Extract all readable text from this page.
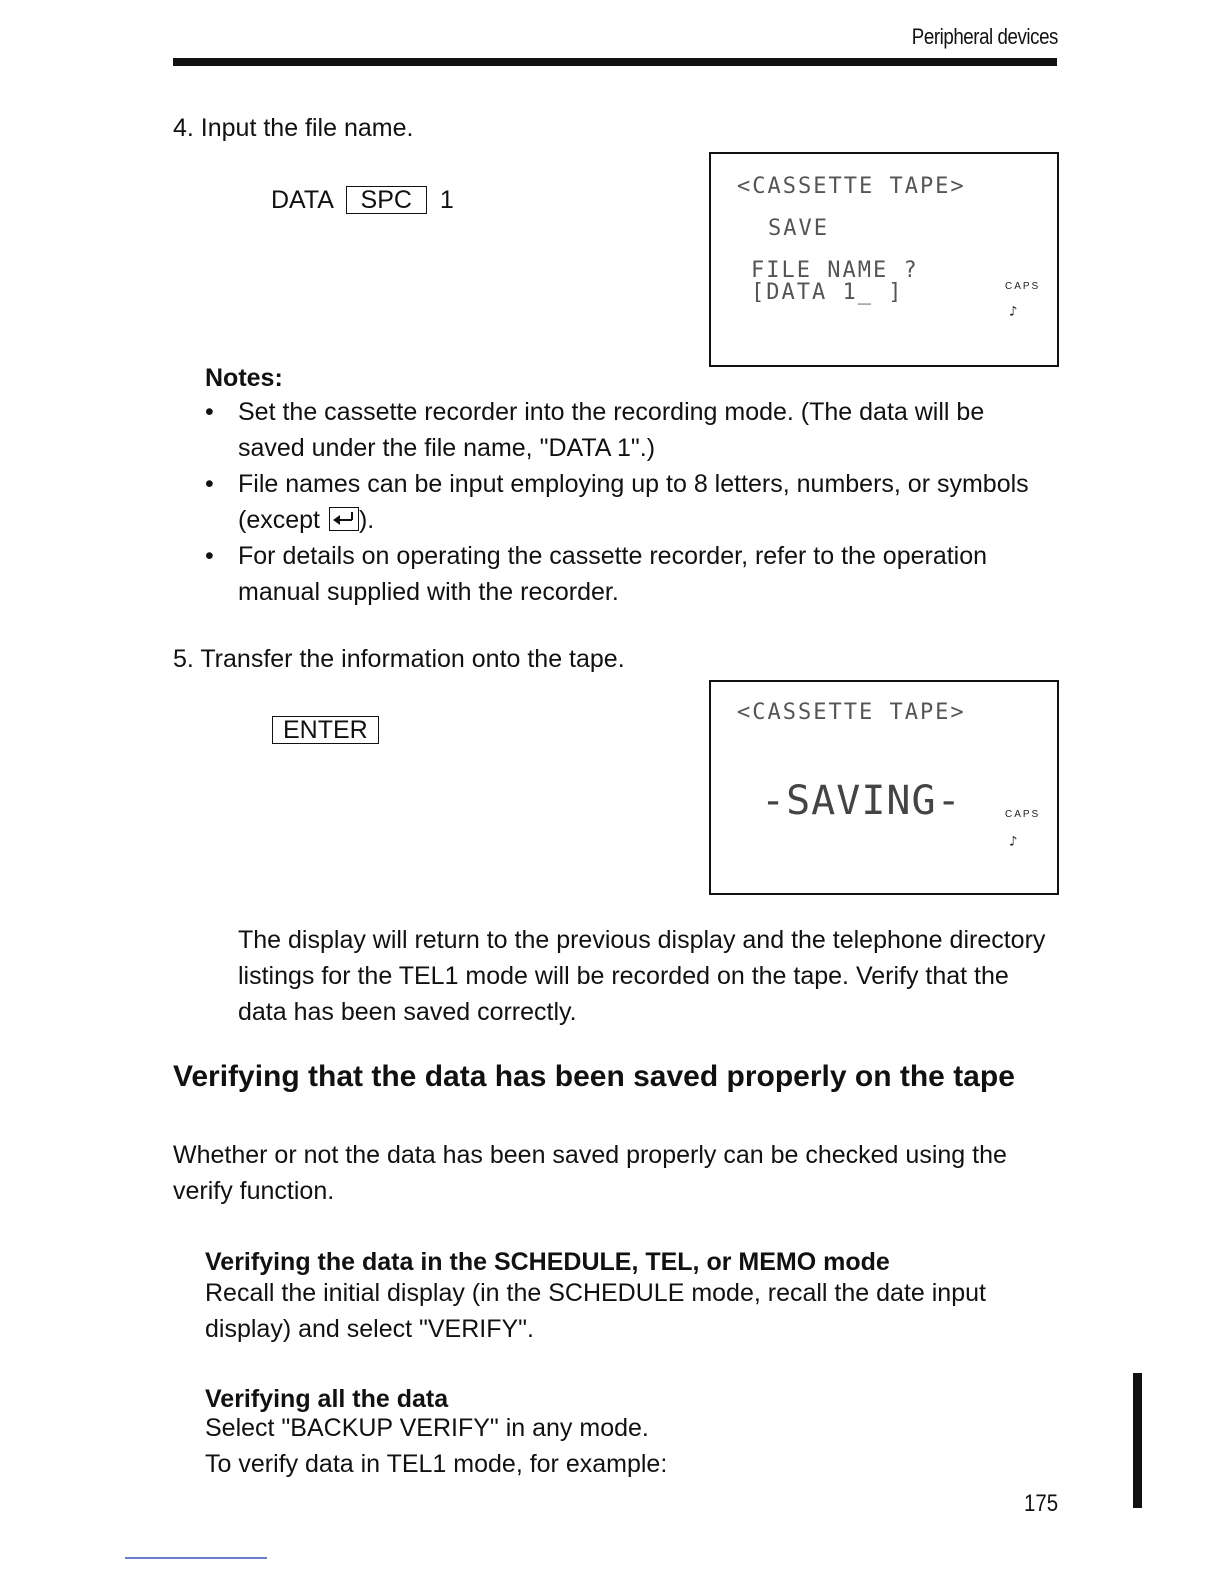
Peripheral devices
4. Input the file name.
DATA SPC 1	<CASSETTE TAPE>
SAVE
FILE NAME ?
[DATA 1_ ]	CAPS
♪
Notes:
• Set the cassette recorder into the recording mode. (The data will be saved under the file name, "DATA 1".)
• File names can be input employing up to 8 letters, numbers, or symbols (except
).
• For details on operating the cassette recorder, refer to the operation manual supplied with the recorder.
5. Transfer the information onto the tape.
ENTER
<CASSETTE TAPE>
-SAVING-	CAPS
♪
The display will return to the previous display and the telephone directory listings for the TEL1 mode will be recorded on the tape. Verify that the data has been saved correctly.
Verifying that the data has been saved properly on the tape
Whether or not the data has been saved properly can be checked using the verify function.
Verifying the data in the SCHEDULE, TEL, or MEMO mode
Recall the initial display (in the SCHEDULE mode, recall the date input display) and select "VERIFY".
Verifying all the data
Select "BACKUP VERIFY" in any mode.
To verify data in TEL1 mode, for example:
175
